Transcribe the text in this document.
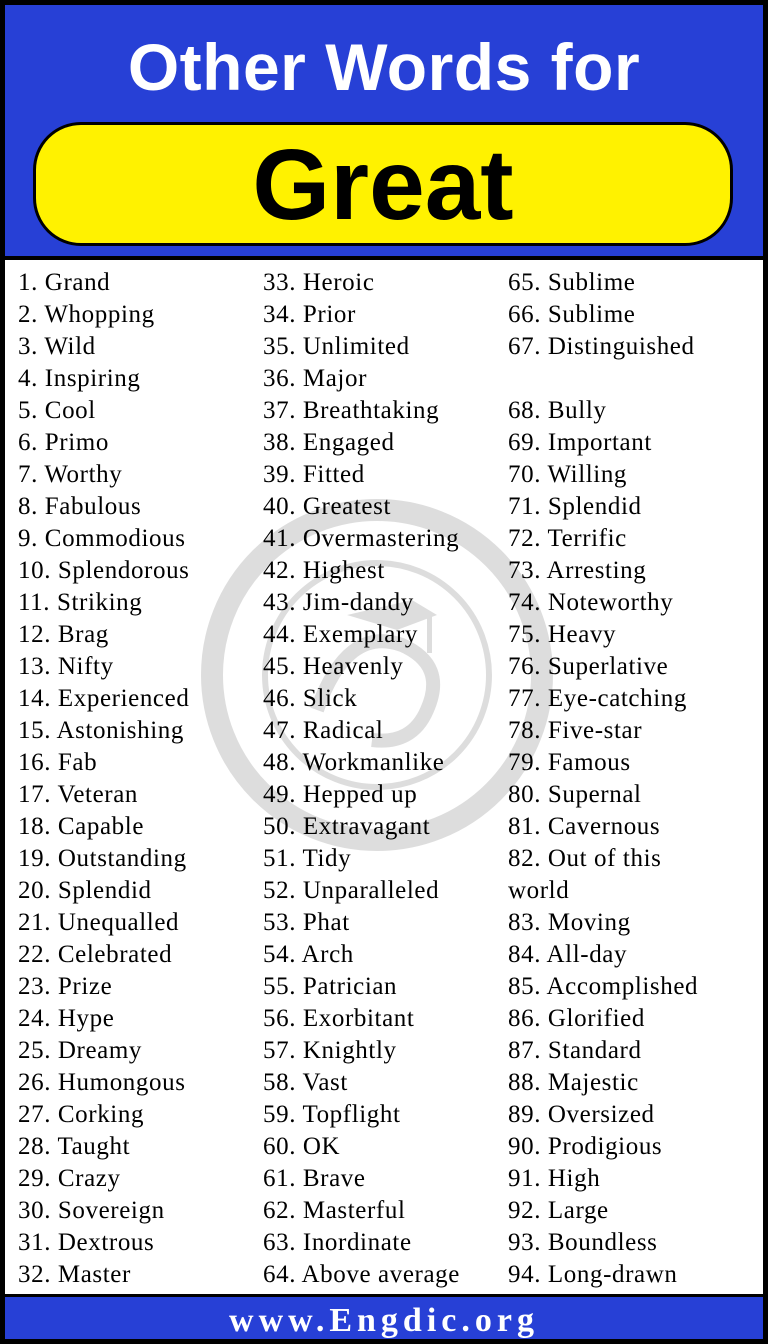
Other Words for
Great
1. Grand
2. Whopping
3. Wild
4. Inspiring
5. Cool
6. Primo
7. Worthy
8. Fabulous
9. Commodious
10. Splendorous
11. Striking
12. Brag
13. Nifty
14. Experienced
15. Astonishing
16. Fab
17. Veteran
18. Capable
19. Outstanding
20. Splendid
21. Unequalled
22. Celebrated
23. Prize
24. Hype
25. Dreamy
26. Humongous
27. Corking
28. Taught
29. Crazy
30. Sovereign
31. Dextrous
32. Master
33. Heroic
34. Prior
35. Unlimited
36. Major
37. Breathtaking
38. Engaged
39. Fitted
40. Greatest
41. Overmastering
42. Highest
43. Jim-dandy
44. Exemplary
45. Heavenly
46. Slick
47. Radical
48. Workmanlike
49. Hepped up
50. Extravagant
51. Tidy
52. Unparalleled
53. Phat
54. Arch
55. Patrician
56. Exorbitant
57. Knightly
58. Vast
59. Topflight
60. OK
61. Brave
62. Masterful
63. Inordinate
64. Above average
65. Sublime
66. Sublime
67. Distinguished
68. Bully
69. Important
70. Willing
71. Splendid
72. Terrific
73. Arresting
74. Noteworthy
75. Heavy
76. Superlative
77. Eye-catching
78. Five-star
79. Famous
80. Supernal
81. Cavernous
82. Out of this world
83. Moving
84. All-day
85. Accomplished
86. Glorified
87. Standard
88. Majestic
89. Oversized
90. Prodigious
91. High
92. Large
93. Boundless
94. Long-drawn
www.Engdic.org
